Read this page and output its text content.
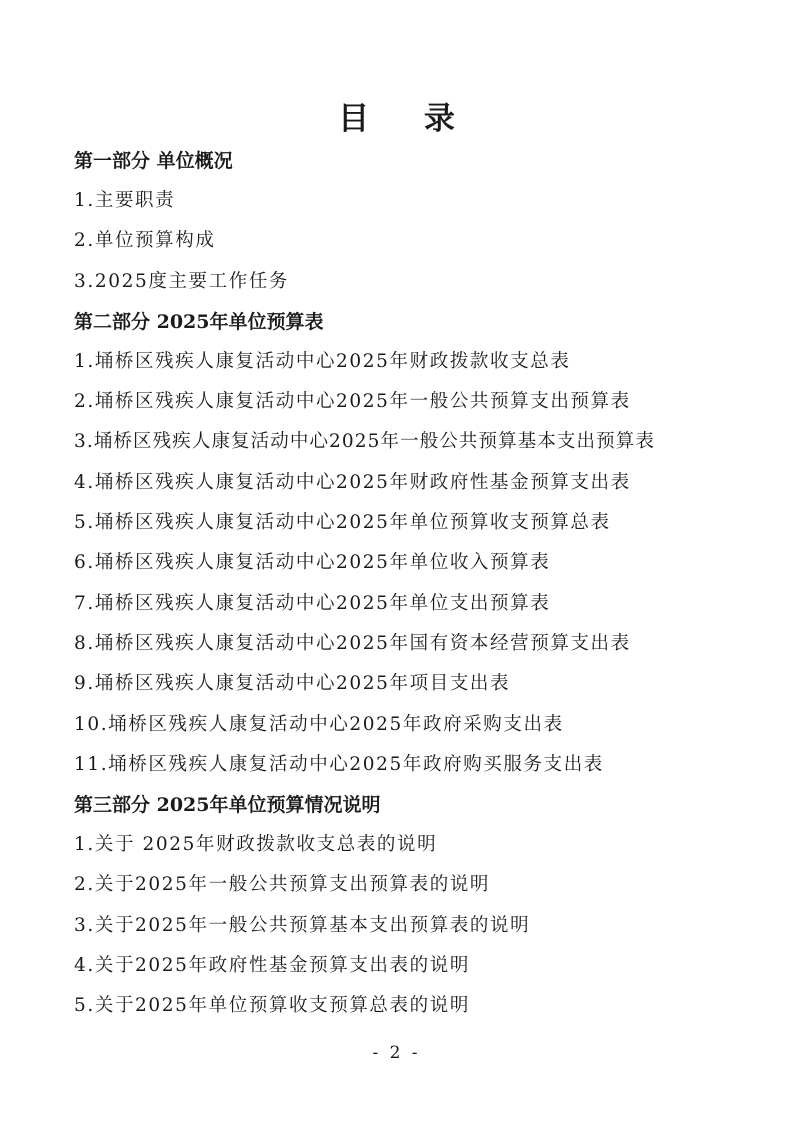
目 录
第一部分 单位概况
1.主要职责
2.单位预算构成
3.2025度主要工作任务
第二部分 2025年单位预算表
1.埇桥区残疾人康复活动中心2025年财政拨款收支总表
2.埇桥区残疾人康复活动中心2025年一般公共预算支出预算表
3.埇桥区残疾人康复活动中心2025年一般公共预算基本支出预算表
4.埇桥区残疾人康复活动中心2025年财政府性基金预算支出表
5.埇桥区残疾人康复活动中心2025年单位预算收支预算总表
6.埇桥区残疾人康复活动中心2025年单位收入预算表
7.埇桥区残疾人康复活动中心2025年单位支出预算表
8.埇桥区残疾人康复活动中心2025年国有资本经营预算支出表
9.埇桥区残疾人康复活动中心2025年项目支出表
10.埇桥区残疾人康复活动中心2025年政府采购支出表
11.埇桥区残疾人康复活动中心2025年政府购买服务支出表
第三部分 2025年单位预算情况说明
1.关于 2025年财政拨款收支总表的说明
2.关于2025年一般公共预算支出预算表的说明
3.关于2025年一般公共预算基本支出预算表的说明
4.关于2025年政府性基金预算支出表的说明
5.关于2025年单位预算收支预算总表的说明
- 2 -
